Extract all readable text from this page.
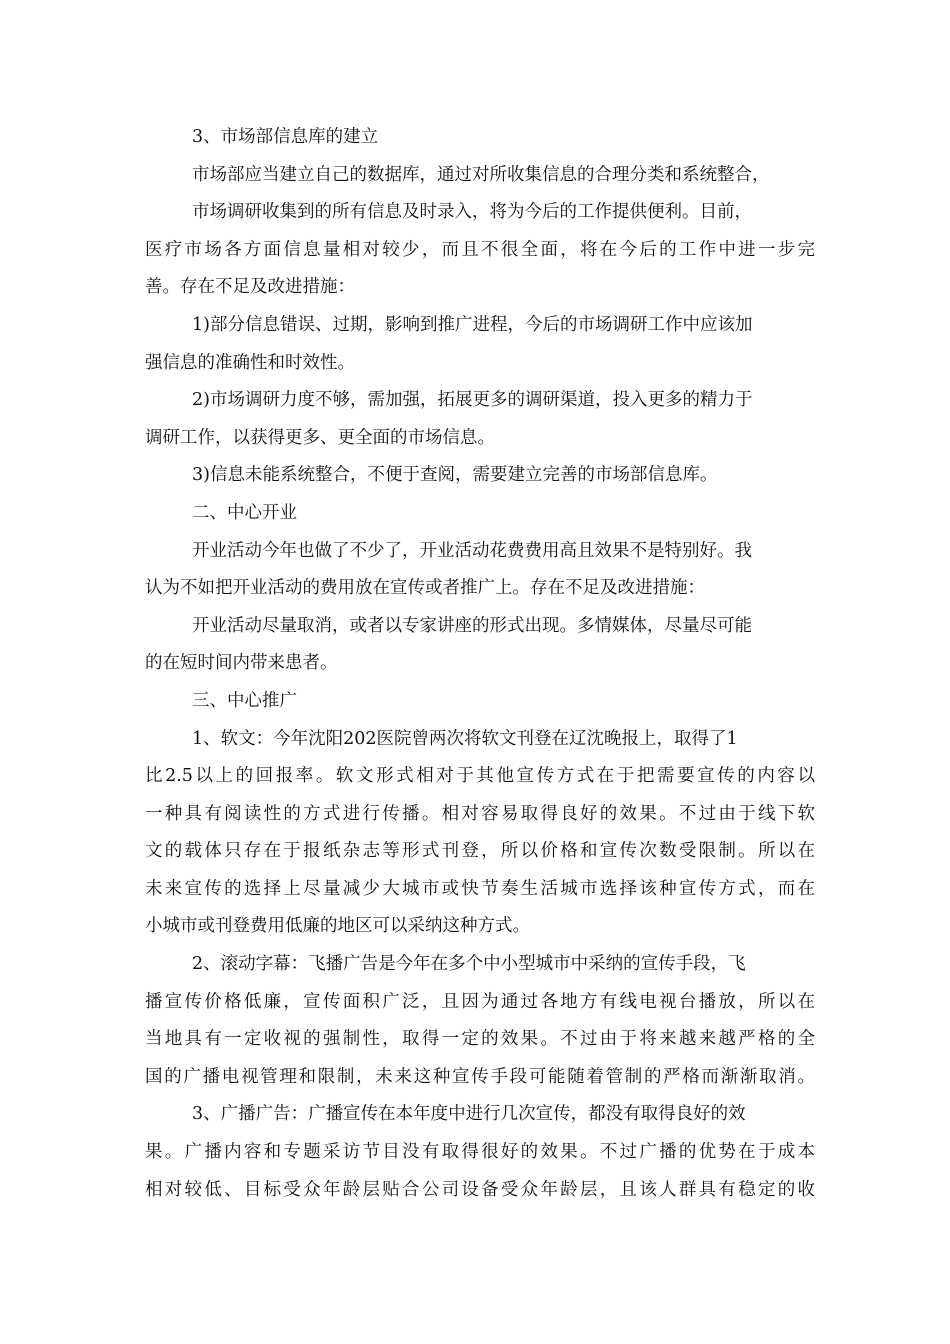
3、市场部信息库的建立
市场部应当建立自己的数据库，通过对所收集信息的合理分类和系统整合，
市场调研收集到的所有信息及时录入，将为今后的工作提供便利。目前，
医疗市场各方面信息量相对较少，而且不很全面，将在今后的工作中进一步完
善。存在不足及改进措施：
1)部分信息错误、过期，影响到推广进程，今后的市场调研工作中应该加
强信息的准确性和时效性。
2)市场调研力度不够，需加强，拓展更多的调研渠道，投入更多的精力于
调研工作，以获得更多、更全面的市场信息。
3)信息未能系统整合，不便于查阅，需要建立完善的市场部信息库。
二、中心开业
开业活动今年也做了不少了，开业活动花费费用高且效果不是特别好。我
认为不如把开业活动的费用放在宣传或者推广上。存在不足及改进措施：
开业活动尽量取消，或者以专家讲座的形式出现。多情媒体，尽量尽可能
的在短时间内带来患者。
三、中心推广
1、软文：今年沈阳202医院曾两次将软文刊登在辽沈晚报上，取得了1
比2.5以上的回报率。软文形式相对于其他宣传方式在于把需要宣传的内容以
一种具有阅读性的方式进行传播。相对容易取得良好的效果。不过由于线下软
文的载体只存在于报纸杂志等形式刊登，所以价格和宣传次数受限制。所以在
未来宣传的选择上尽量减少大城市或快节奏生活城市选择该种宣传方式，而在
小城市或刊登费用低廉的地区可以采纳这种方式。
2、滚动字幕：飞播广告是今年在多个中小型城市中采纳的宣传手段，飞
播宣传价格低廉，宣传面积广泛，且因为通过各地方有线电视台播放，所以在
当地具有一定收视的强制性，取得一定的效果。不过由于将来越来越严格的全
国的广播电视管理和限制，未来这种宣传手段可能随着管制的严格而渐渐取消。
3、广播广告：广播宣传在本年度中进行几次宣传，都没有取得良好的效
果。广播内容和专题采访节目没有取得很好的效果。不过广播的优势在于成本
相对较低、目标受众年龄层贴合公司设备受众年龄层，且该人群具有稳定的收
